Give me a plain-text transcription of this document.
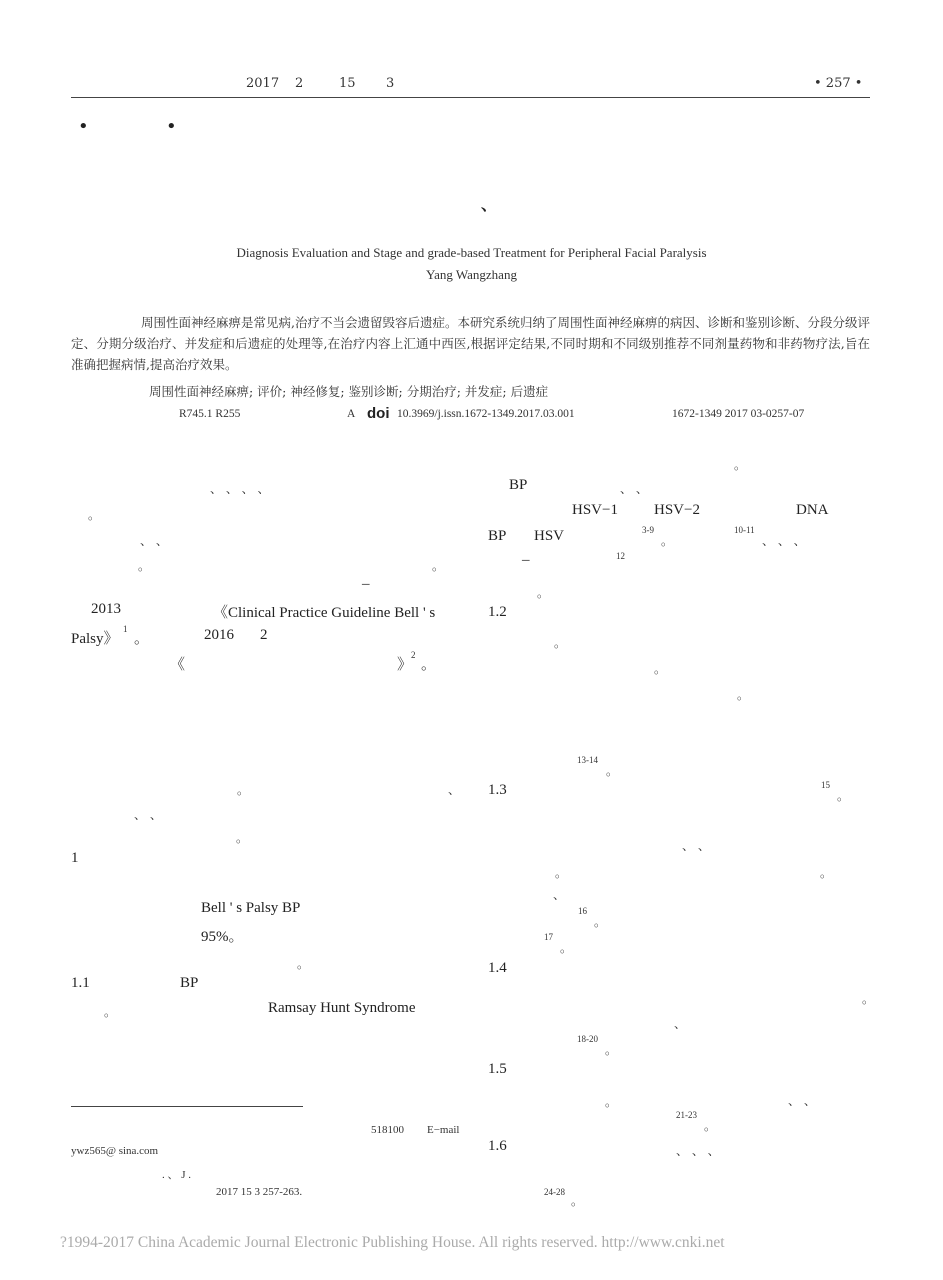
2017 2	15 3	• 257 •
•	•
、
Diagnosis Evaluation and Stage and grade-based Treatment for Peripheral Facial Paralysis
Yang Wangzhang
周围性面神经麻痹是常见病,治疗不当会遗留毁容后遗症。本研究系统归纳了周围性面神经麻痹的病因、诊断和鉴别诊断、分段分级评定、分期分级治疗、并发症和后遗症的处理等,在治疗内容上汇通中西医,根据评定结果,不同时期和不同级别推荐不同剂量药物和非药物疗法,旨在准确把握病情,提高治疗效果。
周围性面神经麻痹; 评价; 神经修复; 鉴别诊断; 分期治疗; 并发症; 后遗症
R745.1 R255	A doi 10.3969/j.issn.1672-1349.2017.03.001	1672-1349 2017 03-0257-07
、 、 、 、
。
、 、
。	。
–
2013	《Clinical Practice Guideline Bell ' s
Palsy》
1
。	2016 2
《	》
2
。
。	、
、 、
。
1
Bell ' s Palsy BP
95%。
。
1.1	BP
。	Ramsay Hunt Syndrome
。
BP	、 、
HSV−1 HSV−2	DNA
BP HSV	3-9
。
10-11
、 、 、
–	12
。
1.2
。
。
。
13-14
。
1.3	15
。
、 、
。	。
、
16
。
17
。
1.4
。
、
18-20
。
1.5
。	、 、
21-23
。
1.6	、 、 、
24-28
。
518100 E−mail
ywz565@ sina.com
. 、 J .
2017 15 3 257-263.
?1994-2017 China Academic Journal Electronic Publishing House. All rights reserved. http://www.cnki.net
